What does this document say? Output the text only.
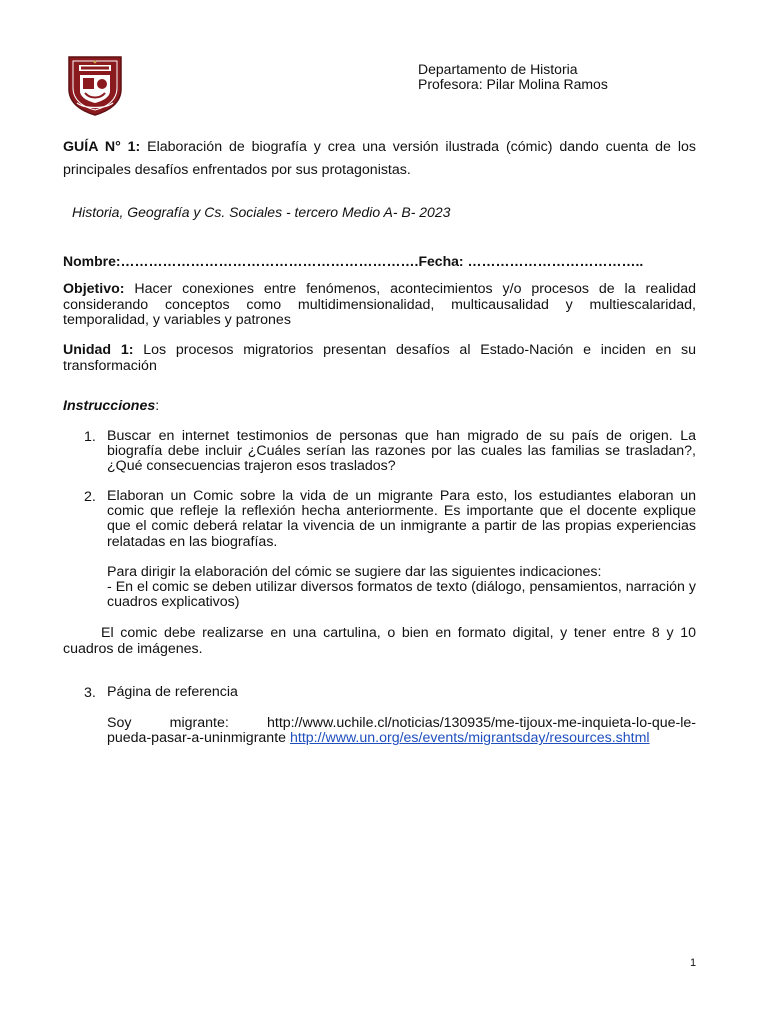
Departamento de Historia
Profesora: Pilar Molina Ramos
GUÍA N° 1: Elaboración de biografía y crea una versión ilustrada (cómic) dando cuenta de los principales desafíos enfrentados por sus protagonistas.
Historia, Geografía y Cs. Sociales - tercero Medio A- B- 2023
Nombre:……………………………………………………….Fecha: ………………………………..
Objetivo: Hacer conexiones entre fenómenos, acontecimientos y/o procesos de la realidad considerando conceptos como multidimensionalidad, multicausalidad y multiescalaridad, temporalidad, y variables y patrones
Unidad 1: Los procesos migratorios presentan desafíos al Estado-Nación e inciden en su transformación
Instrucciones:
1. Buscar en internet testimonios de personas que han migrado de su país de origen. La biografía debe incluir ¿Cuáles serían las razones por las cuales las familias se trasladan?, ¿Qué consecuencias trajeron esos traslados?
2. Elaboran un Comic sobre la vida de un migrante Para esto, los estudiantes elaboran un comic que refleje la reflexión hecha anteriormente. Es importante que el docente explique que el comic deberá relatar la vivencia de un inmigrante a partir de las propias experiencias relatadas en las biografías.
Para dirigir la elaboración del cómic se sugiere dar las siguientes indicaciones:
- En el comic se deben utilizar diversos formatos de texto (diálogo, pensamientos, narración y cuadros explicativos)
El comic debe realizarse en una cartulina, o bien en formato digital, y tener entre 8 y 10 cuadros de imágenes.
3. Página de referencia
Soy	migrante:	http://www.uchile.cl/noticias/130935/me-tijoux-me-inquieta-lo-que-le-
pueda-pasar-a-uninmigrante http://www.un.org/es/events/migrantsday/resources.shtml
1
